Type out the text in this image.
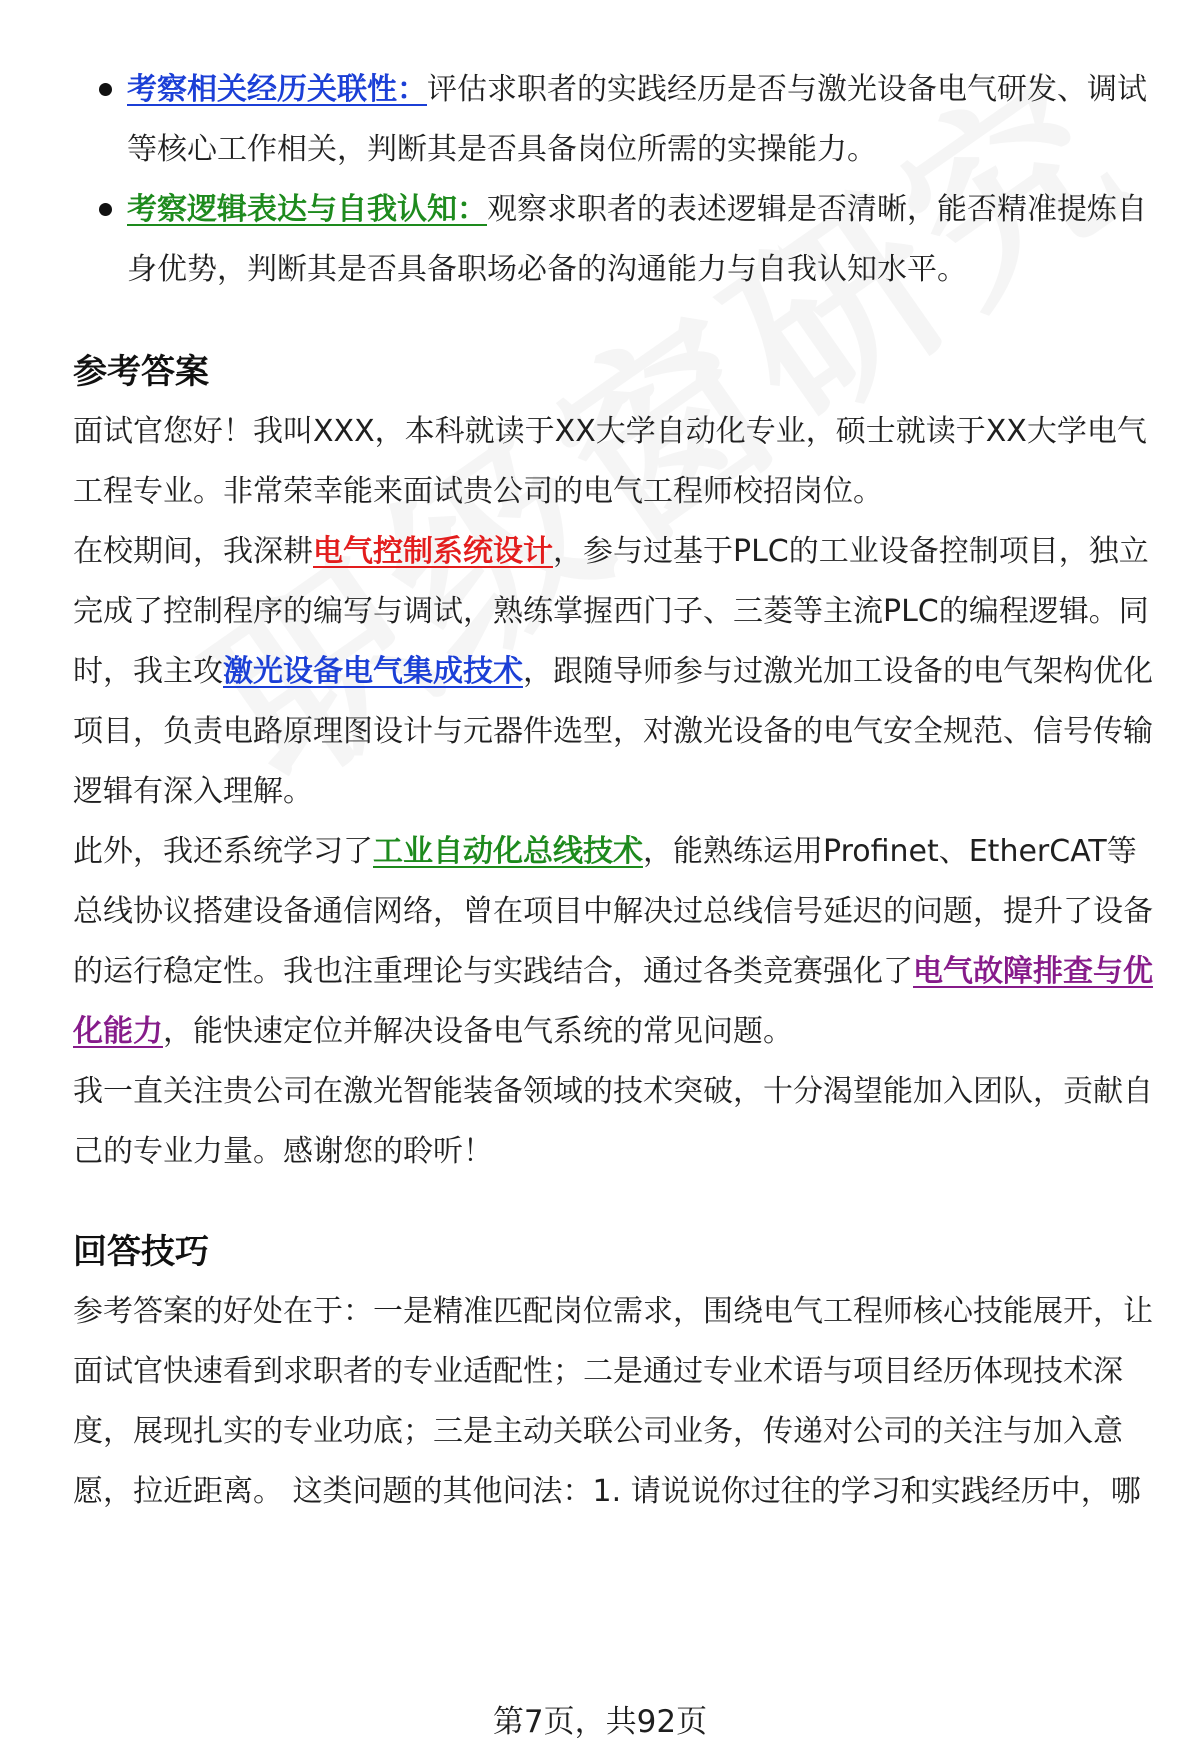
考察相关经历关联性：评估求职者的实践经历是否与激光设备电气研发、调试等核心工作相关，判断其是否具备岗位所需的实操能力。
考察逻辑表达与自我认知：观察求职者的表述逻辑是否清晰，能否精准提炼自身优势，判断其是否具备职场必备的沟通能力与自我认知水平。
参考答案

面试官您好！我叫XXX，本科就读于XX大学自动化专业，硕士就读于XX大学电气工程专业。非常荣幸能来面试贵公司的电气工程师校招岗位。

在校期间，我深耕电气控制系统设计，参与过基于PLC的工业设备控制项目，独立完成了控制程序的编写与调试，熟练掌握西门子、三菱等主流PLC的编程逻辑。同时，我主攻激光设备电气集成技术，跟随导师参与过激光加工设备的电气架构优化项目，负责电路原理图设计与元器件选型，对激光设备的电气安全规范、信号传输逻辑有深入理解。

此外，我还系统学习了工业自动化总线技术，能熟练运用Profinet、EtherCAT等总线协议搭建设备通信网络，曾在项目中解决过总线信号延迟的问题，提升了设备的运行稳定性。我也注重理论与实践结合，通过各类竞赛强化了电气故障排查与优化能力，能快速定位并解决设备电气系统的常见问题。

我一直关注贵公司在激光智能装备领域的技术突破，十分渴望能加入团队，贡献自己的专业力量。感谢您的聆听！

回答技巧

参考答案的好处在于：一是精准匹配岗位需求，围绕电气工程师核心技能展开，让面试官快速看到求职者的专业适配性；二是通过专业术语与项目经历体现技术深度，展现扎实的专业功底；三是主动关联公司业务，传递对公司的关注与加入意愿，拉近距离。 这类问题的其他问法：1. 请说说你过往的学习和实践经历中，哪

第7页，共92页
